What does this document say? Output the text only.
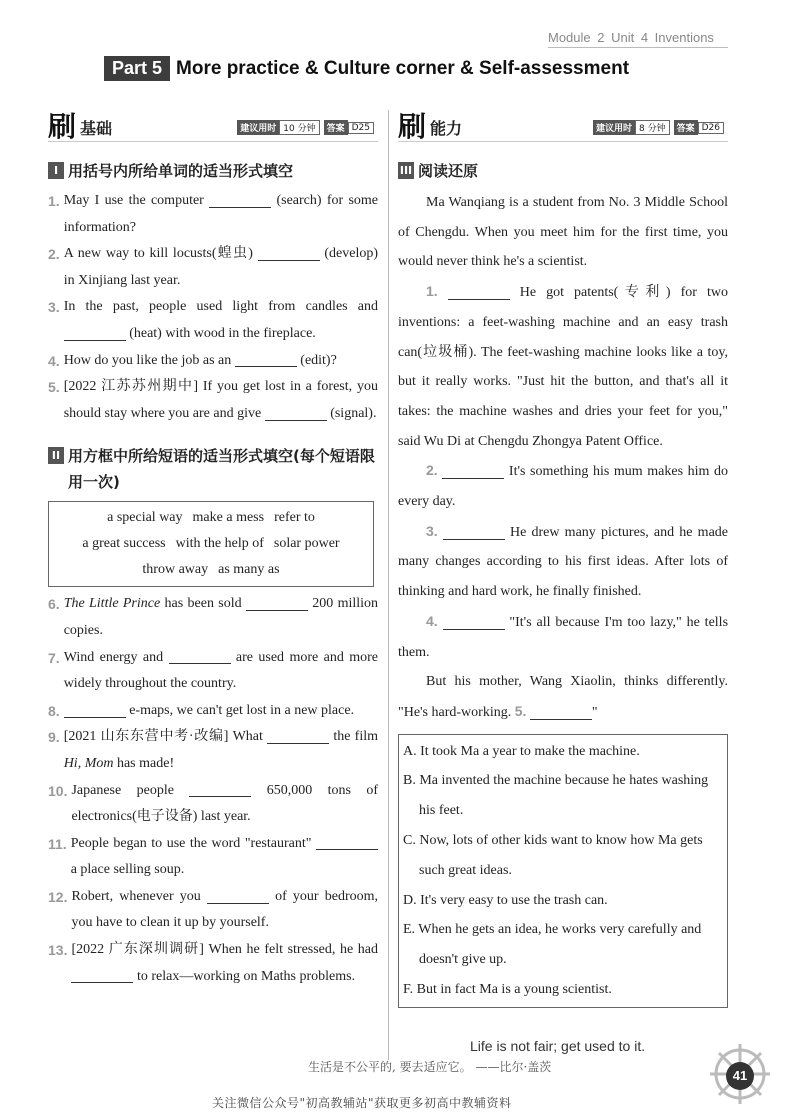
Module 2 Unit 4 Inventions
Part 5 More practice & Culture corner & Self-assessment
刷 基础	建议用时 10 分钟	答案 D25
I 用括号内所给单词的适当形式填空
1. May I use the computer	(search) for some information?
2. A new way to kill locusts(蝗虫)	(develop) in Xinjiang last year.
3. In the past, people used light from candles and  (heat) with wood in the fireplace.
4. How do you like the job as an	(edit)?
5. [2022 江苏苏州期中] If you get lost in a forest, you should stay where you are and give	(signal).
II 用方框中所给短语的适当形式填空(每个短语限用一次)
a special way make a mess refer to
a great success with the help of solar power
throw away as many as
6. The Little Prince has been sold	200 million copies.
7. Wind energy and	are used more and more widely throughout the country.
8.	e-maps, we can't get lost in a new place.
9. [2021 山东东营中考·改编] What	the film Hi, Mom has made!
10. Japanese people	650,000 tons of electronics(电子设备) last year.
11. People began to use the word "restaurant"  a place selling soup.
12. Robert, whenever you	of your bedroom, you have to clean it up by yourself.
13. [2022 广东深圳调研] When he felt stressed, he had  to relax—working on Maths problems.
刷 能力	建议用时 8 分钟	答案 D26
III 阅读还原
Ma Wanqiang is a student from No. 3 Middle School of Chengdu. When you meet him for the first time, you would never think he's a scientist.
1.	He got patents(专利) for two inventions: a feet-washing machine and an easy trash can(垃圾桶). The feet-washing machine looks like a toy, but it really works. "Just hit the button, and that's all it takes: the machine washes and dries your feet for you," said Wu Di at Chengdu Zhongya Patent Office.
2.	It's something his mum makes him do every day.
3.	He drew many pictures, and he made many changes according to his first ideas. After lots of thinking and hard work, he finally finished.
4.	"It's all because I'm too lazy," he tells them.
But his mother, Wang Xiaolin, thinks differently. "He's hard-working. 5.	"
A. It took Ma a year to make the machine.
B. Ma invented the machine because he hates washing his feet.
C. Now, lots of other kids want to know how Ma gets such great ideas.
D. It's very easy to use the trash can.
E. When he gets an idea, he works very carefully and doesn't give up.
F. But in fact Ma is a young scientist.
Life is not fair; get used to it.
生活是不公平的, 要去适应它。 ——比尔·盖茨
41
关注微信公众号"初高教辅站"获取更多初高中教辅资料
